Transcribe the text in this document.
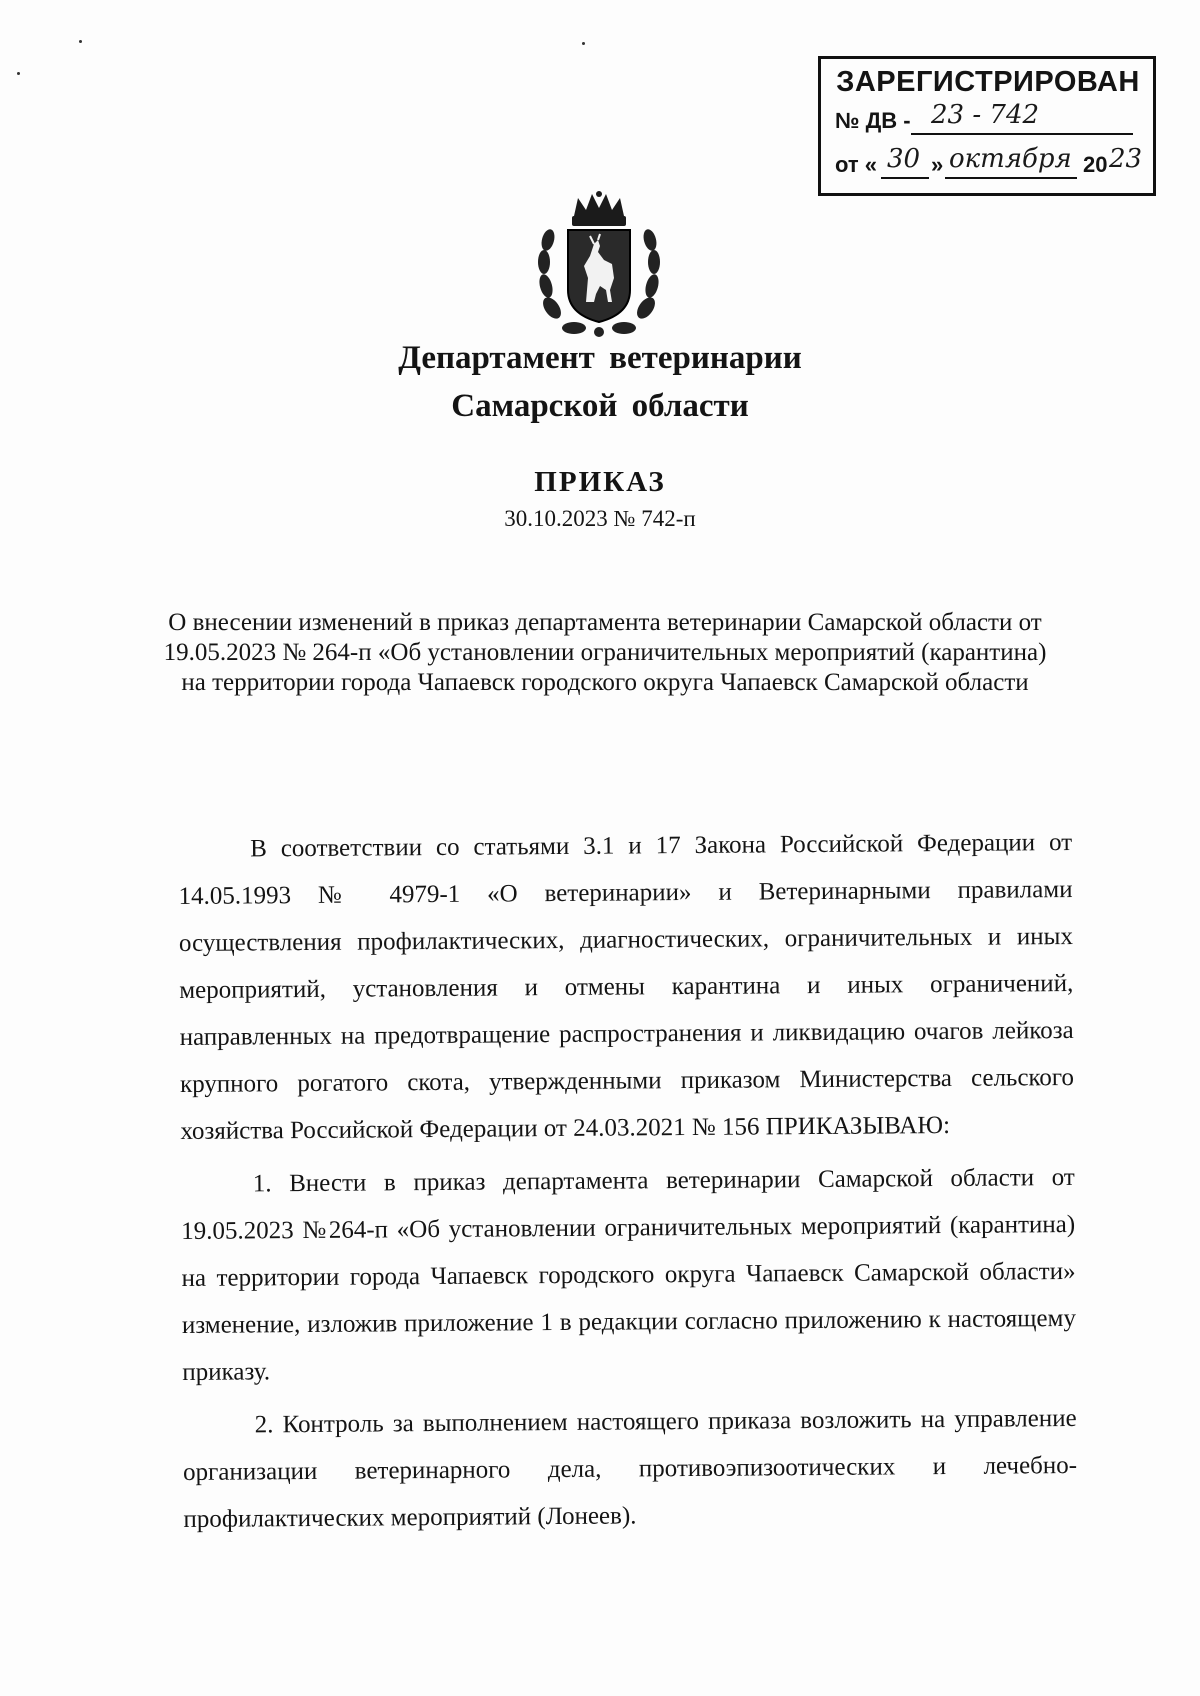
ЗАРЕГИСТРИРОВАН
№ ДВ - 23 - 742
от « 30 » октября 20 23
Департамент ветеринарии
Самарской области
ПРИКАЗ
30.10.2023 № 742-п
О внесении изменений в приказ департамента ветеринарии Самарской области от 19.05.2023 № 264-п «Об установлении ограничительных мероприятий (карантина) на территории города Чапаевск городского округа Чапаевск Самарской области

В соответствии со статьями 3.1 и 17 Закона Российской Федерации от 14.05.1993 № 4979-1 «О ветеринарии» и Ветеринарными правилами осуществления профилактических, диагностических, ограничительных и иных мероприятий, установления и отмены карантина и иных ограничений, направленных на предотвращение распространения и ликвидацию очагов лейкоза крупного рогатого скота, утвержденными приказом Министерства сельского хозяйства Российской Федерации от 24.03.2021 № 156 ПРИКАЗЫВАЮ:

1. Внести в приказ департамента ветеринарии Самарской области от 19.05.2023 №264-п «Об установлении ограничительных мероприятий (карантина) на территории города Чапаевск городского округа Чапаевск Самарской области» изменение, изложив приложение 1 в редакции согласно приложению к настоящему приказу.

2. Контроль за выполнением настоящего приказа возложить на управление организации ветеринарного дела, противоэпизоотических и лечебно-профилактических мероприятий (Лонеев).
